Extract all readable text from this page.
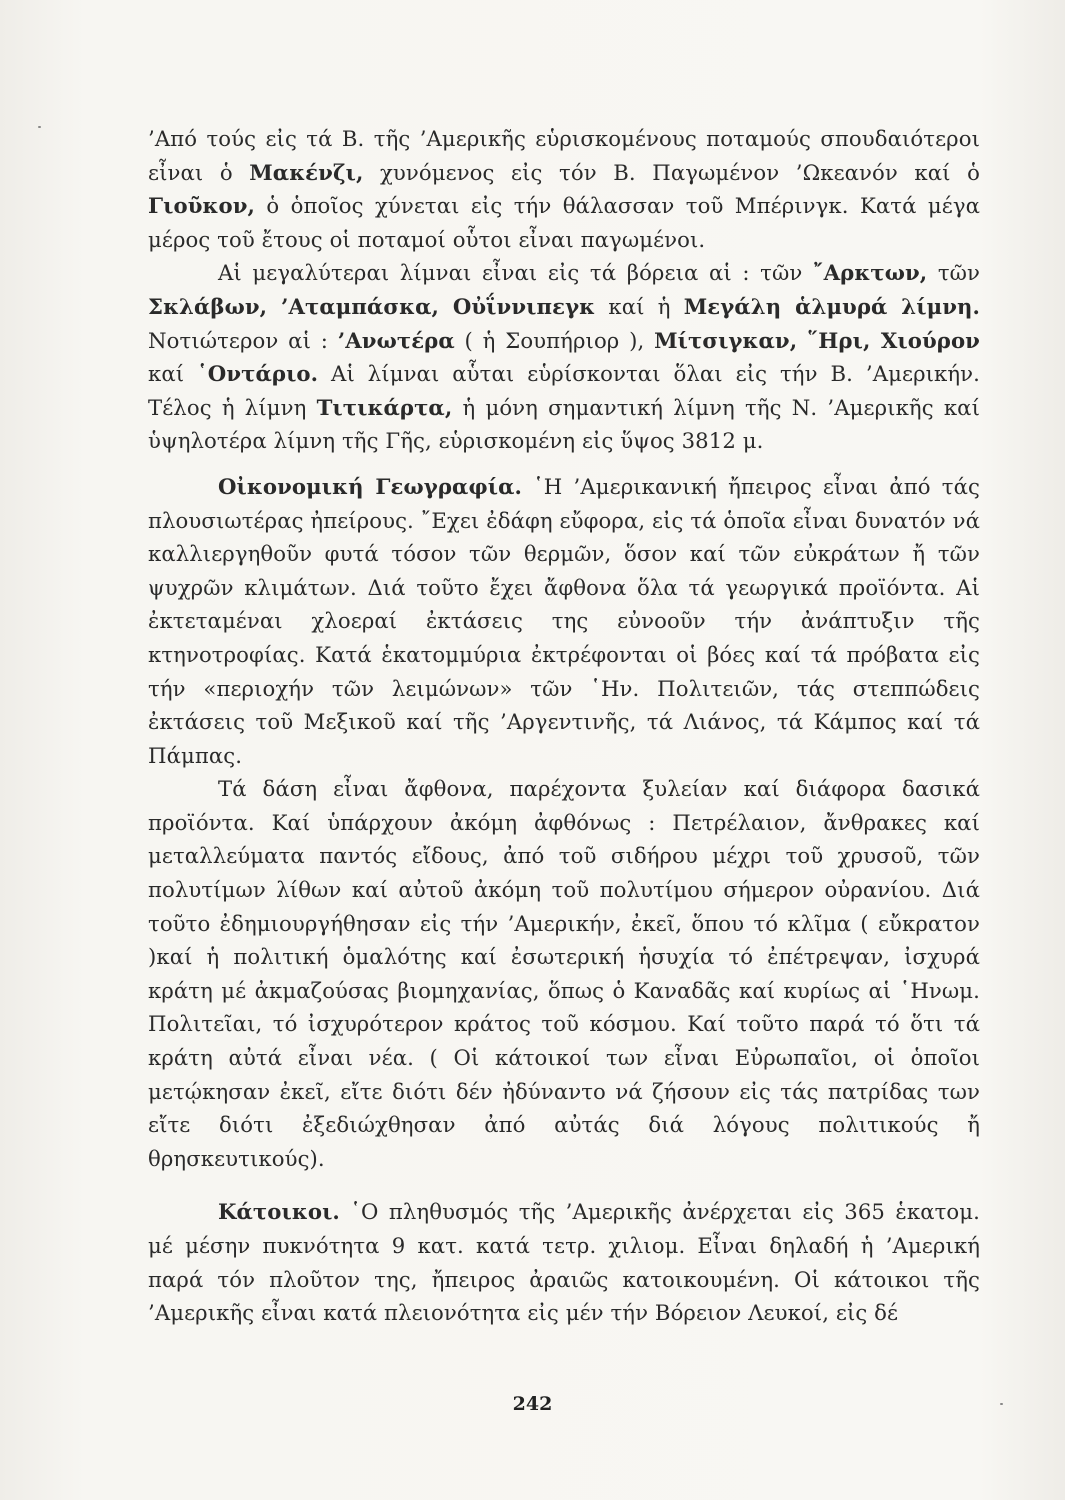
’Από τούς εἰς τά Β. τῆς ’Αμερικῆς εὑρισκομένους ποταμούς σπουδαιότεροι εἶναι ὁ Μακένζι, χυνόμενος εἰς τόν Β. Παγωμένον ’Ωκεανόν καί ὁ Γιοῦκον, ὁ ὁποῖος χύνεται εἰς τήν θάλασσαν τοῦ Μπέρινγκ. Κατά μέγα μέρος τοῦ ἔτους οἱ ποταμοί οὗτοι εἶναι παγωμένοι.

Αἱ μεγαλύτεραι λίμναι εἶναι εἰς τά βόρεια αἱ : τῶν ῎Αρκτων, τῶν Σκλάβων, ’Αταμπάσκα, Οὐΐννιπεγκ καί ἡ Μεγάλη ἁλμυρά λίμνη. Νοτιώτερον αἱ : ’Ανωτέρα ( ἡ Σουπήριορ ), Μίτσιγκαν, ῞Ηρι, Χιούρον καί ῾Οντάριο. Αἱ λίμναι αὗται εὑρίσκονται ὅλαι εἰς τήν Β. ’Αμερικήν. Τέλος ἡ λίμνη Τιτικάρτα, ἡ μόνη σημαντική λίμνη τῆς Ν. ’Αμερικῆς καί ὑψηλοτέρα λίμνη τῆς Γῆς, εὑρισκομένη εἰς ὕψος 3812 μ.

Οἰκονομική Γεωγραφία. ῾Η ’Αμερικανική ἤπειρος εἶναι ἀπό τάς πλουσιωτέρας ἠπείρους. ῎Εχει ἐδάφη εὔφορα, εἰς τά ὁποῖα εἶναι δυνατόν νά καλλιεργηθοῦν φυτά τόσον τῶν θερμῶν, ὅσον καί τῶν εὐκράτων ἤ τῶν ψυχρῶν κλιμάτων. Διά τοῦτο ἔχει ἄφθονα ὅλα τά γεωργικά προϊόντα. Αἱ ἐκτεταμέναι χλοεραί ἐκτάσεις της εὐνοοῦν τήν ἀνάπτυξιν τῆς κτηνοτροφίας. Κατά ἑκατομμύρια ἐκτρέφονται οἱ βόες καί τά πρόβατα εἰς τήν «περιοχήν τῶν λειμώνων» τῶν ῾Ην. Πολιτειῶν, τάς στεππώδεις ἐκτάσεις τοῦ Μεξικοῦ καί τῆς ’Αργεντινῆς, τά Λιάνος, τά Κάμπος καί τά Πάμπας.

Τά δάση εἶναι ἄφθονα, παρέχοντα ξυλείαν καί διάφορα δασικά προϊόντα. Καί ὑπάρχουν ἀκόμη ἀφθόνως : Πετρέλαιον, ἄνθρακες καί μεταλλεύματα παντός εἴδους, ἀπό τοῦ σιδήρου μέχρι τοῦ χρυσοῦ, τῶν πολυτίμων λίθων καί αὐτοῦ ἀκόμη τοῦ πολυτίμου σήμερον οὐρανίου. Διά τοῦτο ἐδημιουργήθησαν εἰς τήν ’Αμερικήν, ἐκεῖ, ὅπου τό κλῖμα ( εὔκρατον )καί ἡ πολιτική ὁμαλότης καί ἐσωτερική ἡσυχία τό ἐπέτρεψαν, ἰσχυρά κράτη μέ ἀκμαζούσας βιομηχανίας, ὅπως ὁ Καναδᾶς καί κυρίως αἱ ῾Ηνωμ. Πολιτεῖαι, τό ἰσχυρότερον κράτος τοῦ κόσμου. Καί τοῦτο παρά τό ὅτι τά κράτη αὐτά εἶναι νέα. ( Οἱ κάτοικοί των εἶναι Εὐρωπαῖοι, οἱ ὁποῖοι μετῴκησαν ἐκεῖ, εἴτε διότι δέν ἠδύναντο νά ζήσουν εἰς τάς πατρίδας των εἴτε διότι ἐξεδιώχθησαν ἀπό αὐτάς διά λόγους πολιτικούς ἤ θρησκευτικούς).

Κάτοικοι. ῾Ο πληθυσμός τῆς ’Αμερικῆς ἀνέρχεται εἰς 365 ἑκατομ. μέ μέσην πυκνότητα 9 κατ. κατά τετρ. χιλιομ. Εἶναι δηλαδή ἡ ’Αμερική παρά τόν πλοῦτον της, ἤπειρος ἀραιῶς κατοικουμένη. Οἱ κάτοικοι τῆς ’Αμερικῆς εἶναι κατά πλειονότητα εἰς μέν τήν Βόρειον Λευκοί, εἰς δέ

242
